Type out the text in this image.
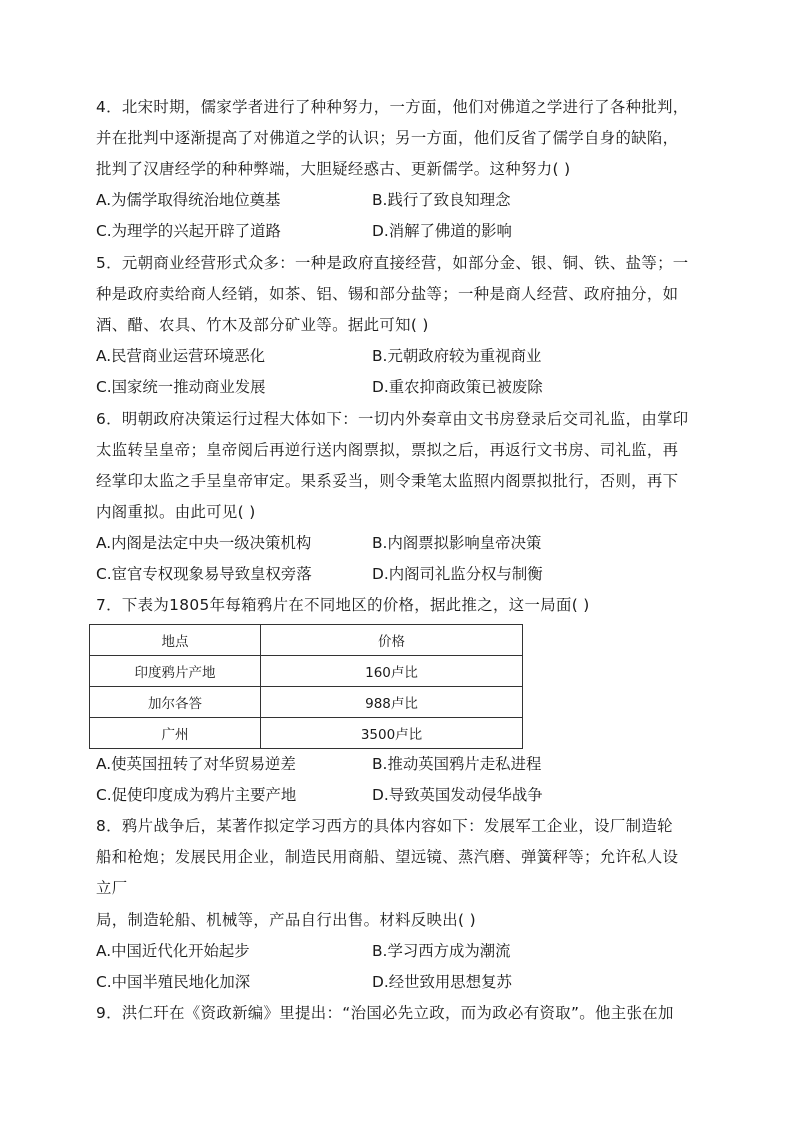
4．北宋时期，儒家学者进行了种种努力，一方面，他们对佛道之学进行了各种批判，
并在批判中逐渐提高了对佛道之学的认识；另一方面，他们反省了儒学自身的缺陷，
批判了汉唐经学的种种弊端，大胆疑经惑古、更新儒学。这种努力( )
A.为儒学取得统治地位奠基	B.践行了致良知理念
C.为理学的兴起开辟了道路	D.消解了佛道的影响
5．元朝商业经营形式众多：一种是政府直接经营，如部分金、银、铜、铁、盐等；一
种是政府卖给商人经销，如茶、铝、锡和部分盐等；一种是商人经营、政府抽分，如
酒、醋、农具、竹木及部分矿业等。据此可知( )
A.民营商业运营环境恶化	B.元朝政府较为重视商业
C.国家统一推动商业发展	D.重农抑商政策已被废除
6．明朝政府决策运行过程大体如下：一切内外奏章由文书房登录后交司礼监，由掌印
太监转呈皇帝；皇帝阅后再逆行送内阁票拟，票拟之后，再返行文书房、司礼监，再
经掌印太监之手呈皇帝审定。果系妥当，则令秉笔太监照内阁票拟批行，否则，再下
内阁重拟。由此可见( )
A.内阁是法定中央一级决策机构	B.内阁票拟影响皇帝决策
C.宦官专权现象易导致皇权旁落	D.内阁司礼监分权与制衡
7．下表为1805年每箱鸦片在不同地区的价格，据此推之，这一局面( )
地点	价格
印度鸦片产地	160卢比
加尔各答	988卢比
广州	3500卢比
A.使英国扭转了对华贸易逆差	B.推动英国鸦片走私进程
C.促使印度成为鸦片主要产地	D.导致英国发动侵华战争
8．鸦片战争后，某著作拟定学习西方的具体内容如下：发展军工企业，设厂制造轮
船和枪炮；发展民用企业，制造民用商船、望远镜、蒸汽磨、弹簧秤等；允许私人设
立厂
局，制造轮船、机械等，产品自行出售。材料反映出( )
A.中国近代化开始起步	B.学习西方成为潮流
C.中国半殖民地化加深	D.经世致用思想复苏
9．洪仁玕在《资政新编》里提出：“治国必先立政，而为政必有资取”。他主张在加
